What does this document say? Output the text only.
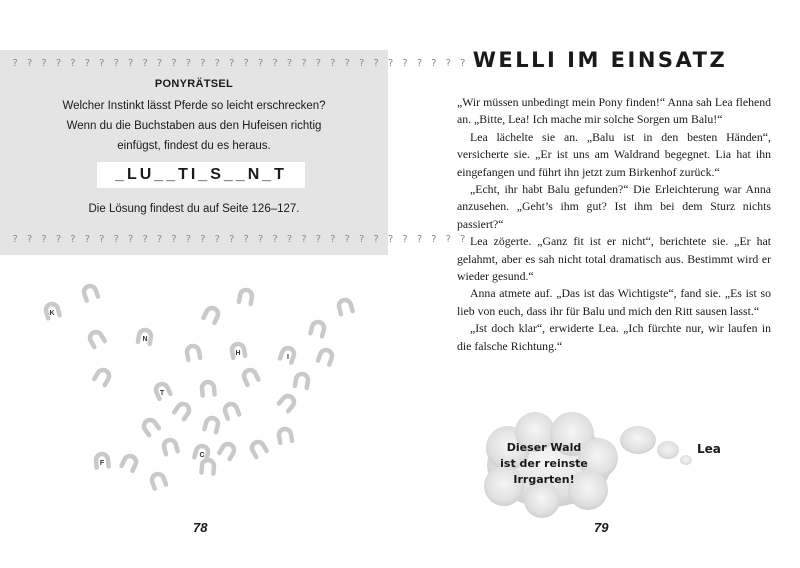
? ? ? ? ? ? ? ? ? ? ? ? ? ? ? ? ? ? ? ? ? ? ? ? ? ? ? ? ? ? ? ?
PONYRÄTSEL
Welcher Instinkt lässt Pferde so leicht erschrecken?
Wenn du die Buchstaben aus den Hufeisen richtig
einfügst, findest du es heraus.
_LU__TI_S__N_T
Die Lösung findest du auf Seite 126–127.
? ? ? ? ? ? ? ? ? ? ? ? ? ? ? ? ? ? ? ? ? ? ? ? ? ? ? ? ? ? ? ?
K
N
H
I
T
C
F
78
WELLI IM EINSATZ

„Wir müssen unbedingt mein Pony finden!“ Anna sah Lea flehend an. „Bitte, Lea! Ich mache mir solche Sorgen um Balu!“

Lea lächelte sie an. „Balu ist in den besten Händen“, versicherte sie. „Er ist uns am Waldrand begegnet. Lia hat ihn eingefangen und führt ihn jetzt zum Birkenhof zurück.“

„Echt, ihr habt Balu gefunden?“ Die Erleichterung war Anna anzusehen. „Geht’s ihm gut? Ist ihm bei dem Sturz nichts passiert?“

Lea zögerte. „Ganz fit ist er nicht“, berichtete sie. „Er hat gelahmt, aber es sah nicht total dramatisch aus. Bestimmt wird er wieder gesund.“

Anna atmete auf. „Das ist das Wichtigste“, fand sie. „Es ist so lieb von euch, dass ihr für Balu und mich den Ritt sausen lasst.“

„Ist doch klar“, erwiderte Lea. „Ich fürchte nur, wir laufen in die falsche Richtung.“

Dieser Wald
ist der reinste
Irrgarten!
Lea
79
